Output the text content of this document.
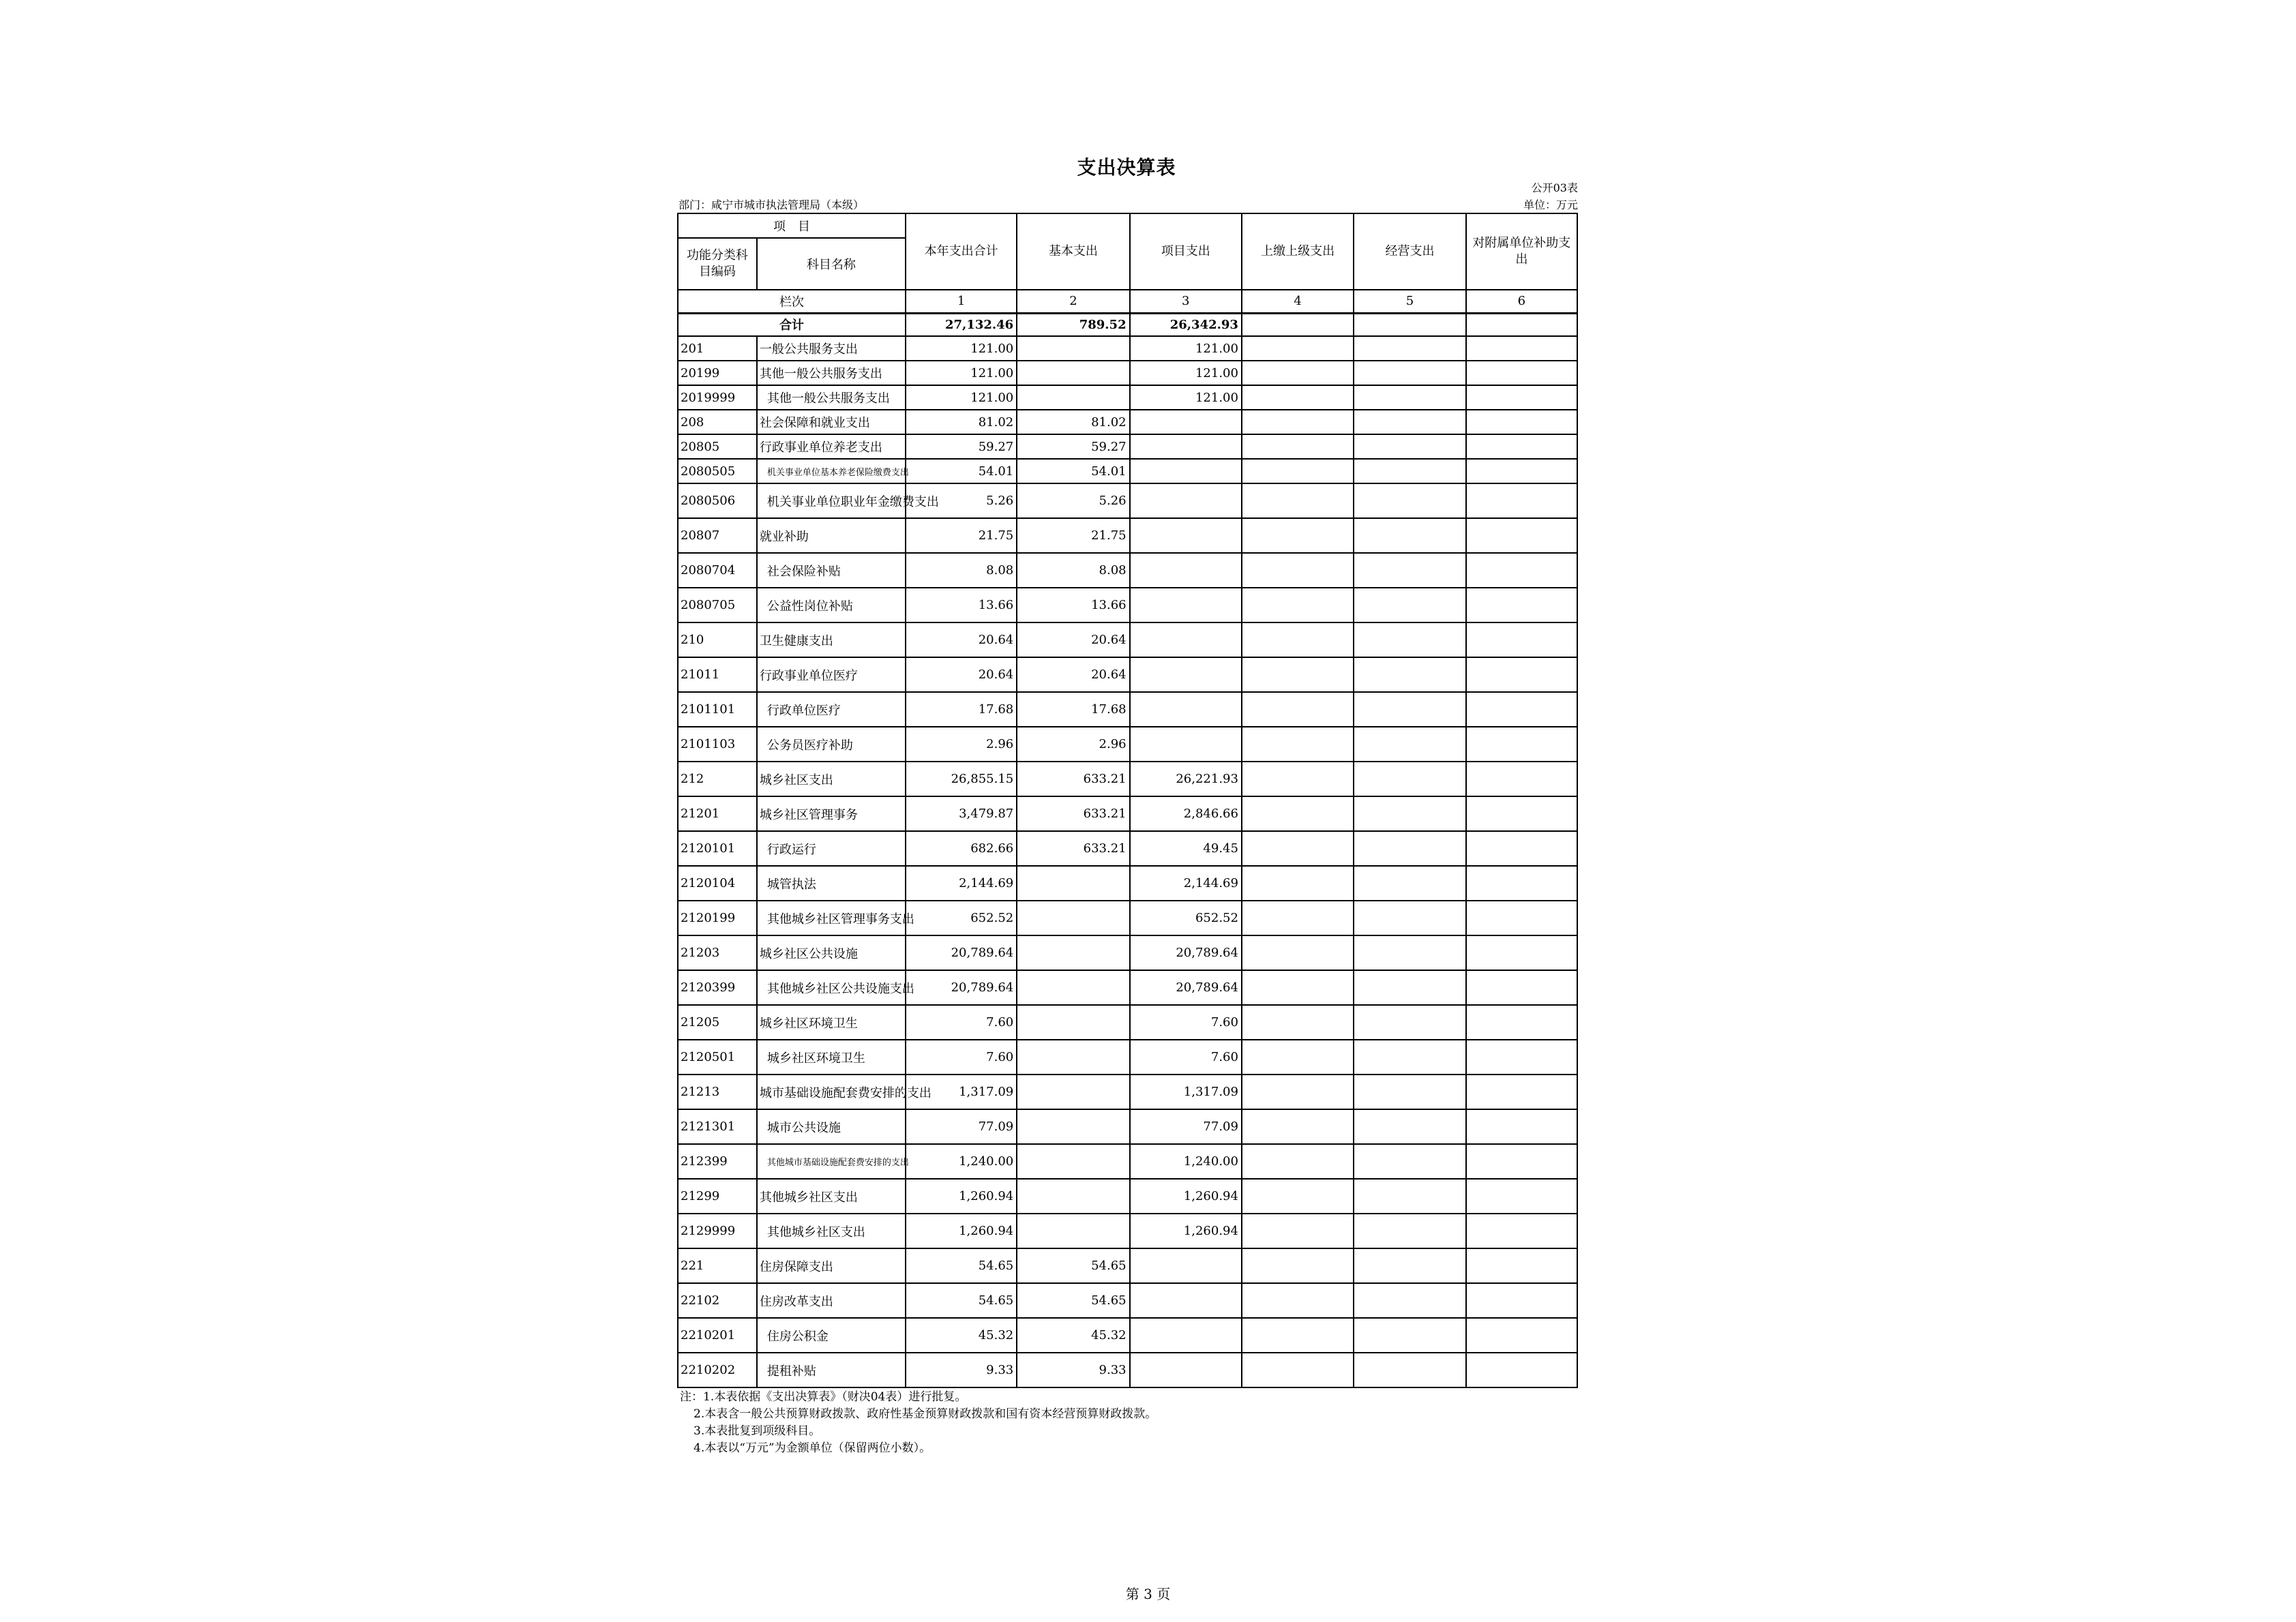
支出决算表
公开03表
部门：咸宁市城市执法管理局（本级）	单位：万元
项　目		本年支出合计	基本支出	项目支出	上缴上级支出	经营支出	对附属单位补助支出
功能分类科目编码	科目名称						
栏次		1	2	3	4	5	6
合计		27,132.46	789.52	26,342.93			
201	一般公共服务支出	121.00		121.00			
20199	其他一般公共服务支出	121.00		121.00			
2019999	其他一般公共服务支出	121.00		121.00			
208	社会保障和就业支出	81.02	81.02				
20805	行政事业单位养老支出	59.27	59.27				
2080505	机关事业单位基本养老保险缴费支出	54.01	54.01				
2080506	机关事业单位职业年金缴费支出	5.26	5.26				
20807	就业补助	21.75	21.75				
2080704	社会保险补贴	8.08	8.08				
2080705	公益性岗位补贴	13.66	13.66				
210	卫生健康支出	20.64	20.64				
21011	行政事业单位医疗	20.64	20.64				
2101101	行政单位医疗	17.68	17.68				
2101103	公务员医疗补助	2.96	2.96				
212	城乡社区支出	26,855.15	633.21	26,221.93			
21201	城乡社区管理事务	3,479.87	633.21	2,846.66			
2120101	行政运行	682.66	633.21	49.45			
2120104	城管执法	2,144.69		2,144.69			
2120199	其他城乡社区管理事务支出	652.52		652.52			
21203	城乡社区公共设施	20,789.64		20,789.64			
2120399	其他城乡社区公共设施支出	20,789.64		20,789.64			
21205	城乡社区环境卫生	7.60		7.60			
2120501	城乡社区环境卫生	7.60		7.60			
21213	城市基础设施配套费安排的支出	1,317.09		1,317.09			
2121301	城市公共设施	77.09		77.09			
212399	其他城市基础设施配套费安排的支出	1,240.00		1,240.00			
21299	其他城乡社区支出	1,260.94		1,260.94			
2129999	其他城乡社区支出	1,260.94		1,260.94			
221	住房保障支出	54.65	54.65				
22102	住房改革支出	54.65	54.65				
2210201	住房公积金	45.32	45.32				
2210202	提租补贴	9.33	9.33				
注：1.本表依据《支出决算表》（财决04表）进行批复。
2.本表含一般公共预算财政拨款、政府性基金预算财政拨款和国有资本经营预算财政拨款。
3.本表批复到项级科目。
4.本表以“万元”为金额单位（保留两位小数）。
第 3 页
